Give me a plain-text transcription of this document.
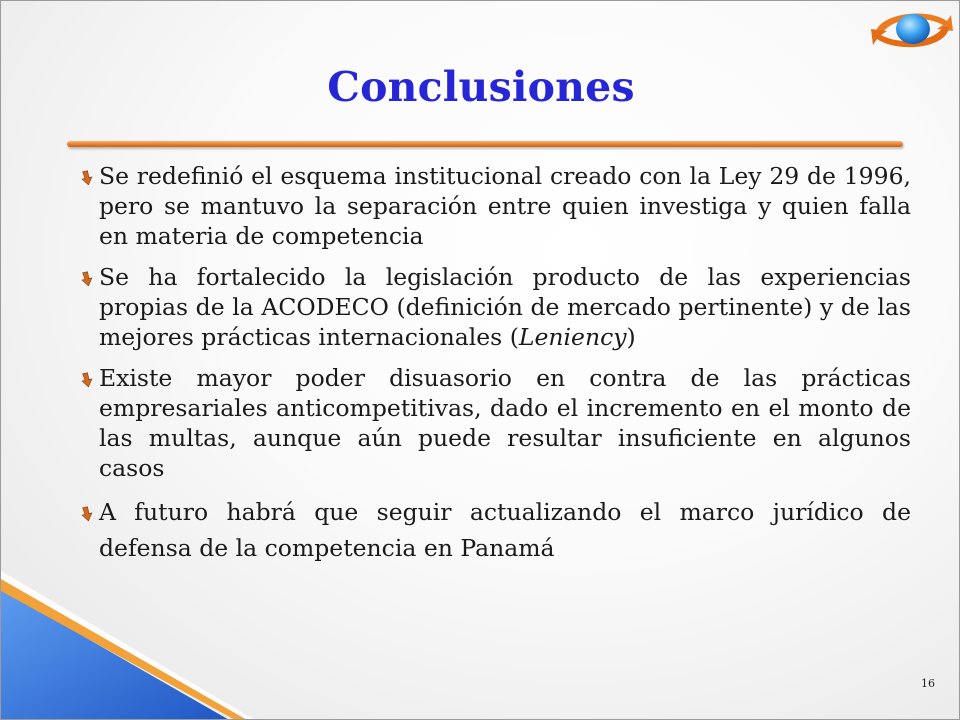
Conclusiones
Se redefinió el esquema institucional creado con la Ley 29 de 1996, pero se mantuvo la separación entre quien investiga y quien falla en materia de competencia
Se ha fortalecido la legislación producto de las experiencias propias de la ACODECO (definición de mercado pertinente) y de las mejores prácticas internacionales (Leniency)
Existe mayor poder disuasorio en contra de las prácticas empresariales anticompetitivas, dado el incremento en el monto de las multas, aunque aún puede resultar insuficiente en algunos casos
A futuro habrá que seguir actualizando el marco jurídico de defensa de la competencia en Panamá
16
